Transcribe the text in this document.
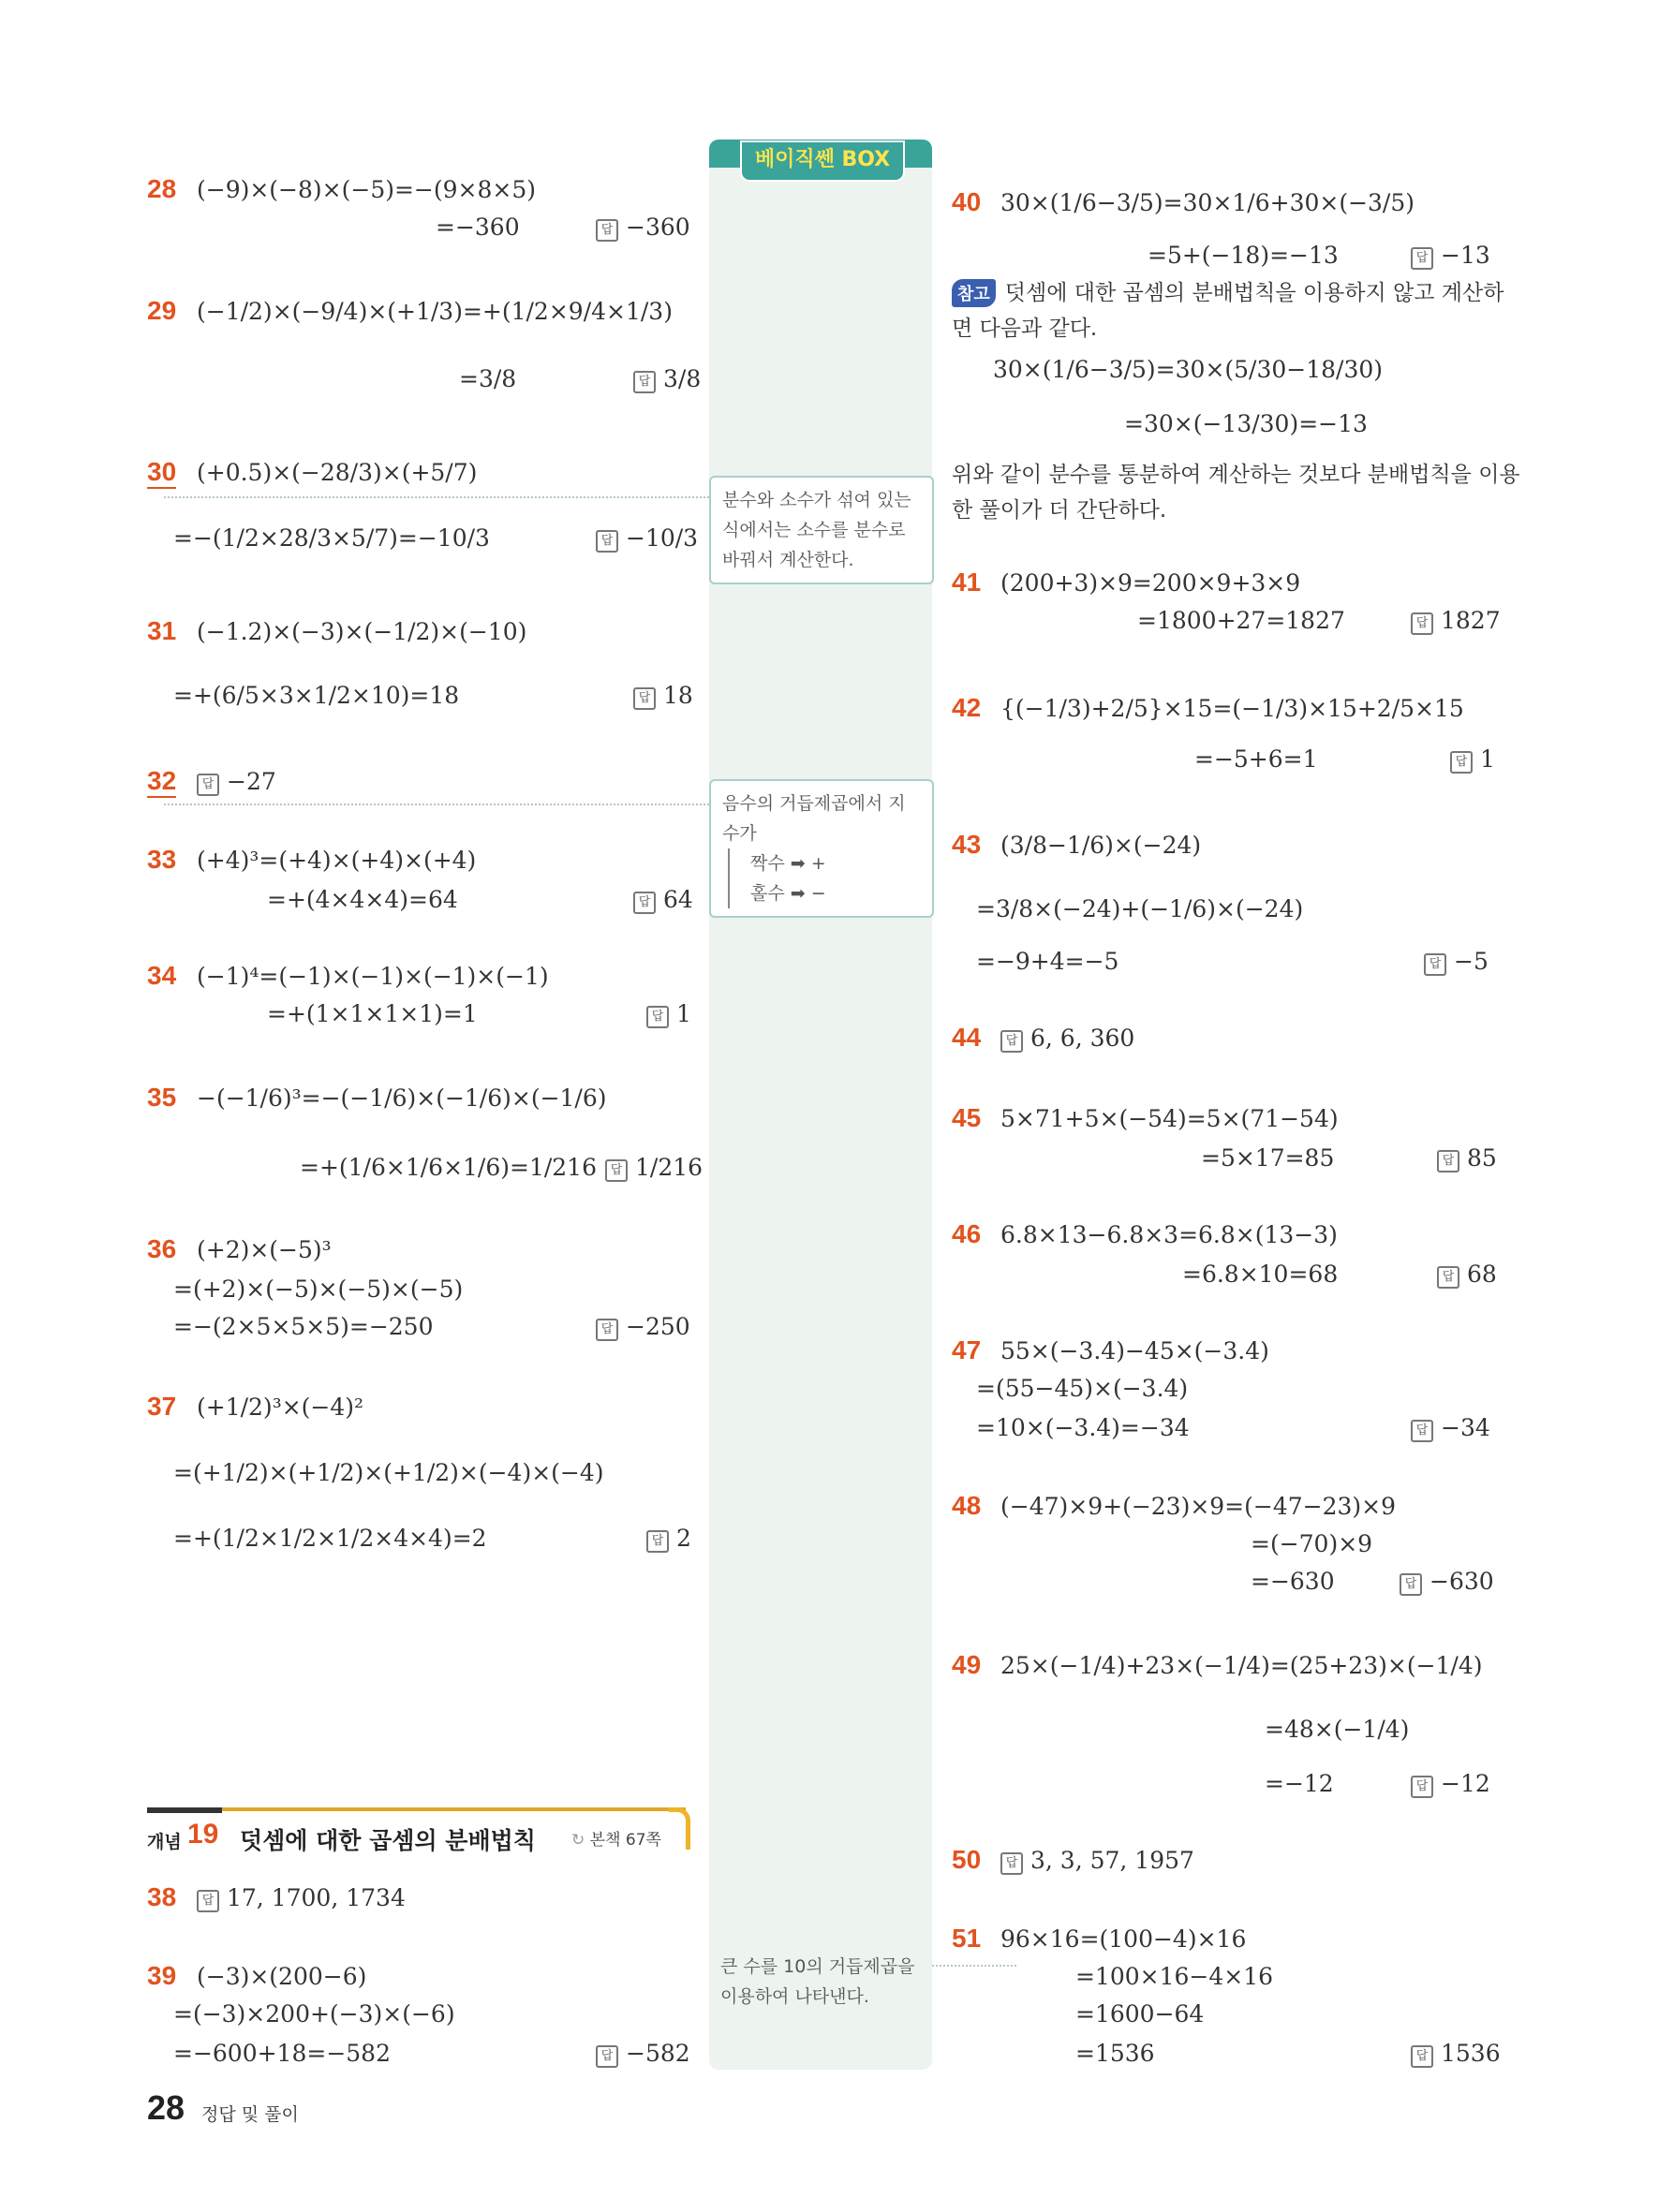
베이직쎈 BOX
분수와 소수가 섞여 있는 식에서는 소수를 분수로 바꿔서 계산한다.
음수의 거듭제곱에서 지수가
짝수 ➡ +
홀수 ➡ −
큰 수를 10의 거듭제곱을 이용하여 나타낸다.
28 (−9)×(−8)×(−5)=−(9×8×5)
=−360	답 −360
29 (−1/2)×(−9/4)×(+1/3)=+(1/2×9/4×1/3)
=3/8	답 3/8
30 (+0.5)×(−28/3)×(+5/7)
=−(1/2×28/3×5/7)=−10/3	답 −10/3
31 (−1.2)×(−3)×(−1/2)×(−10)
=+(6/5×3×1/2×10)=18	답 18
32	답 −27
33 (+4)³=(+4)×(+4)×(+4)
=+(4×4×4)=64	답 64
34 (−1)⁴=(−1)×(−1)×(−1)×(−1)
=+(1×1×1×1)=1	답 1
35 −(−1/6)³=−(−1/6)×(−1/6)×(−1/6)
=+(1/6×1/6×1/6)=1/216	답 1/216
36 (+2)×(−5)³
=(+2)×(−5)×(−5)×(−5)
=−(2×5×5×5)=−250	답 −250
37 (+1/2)³×(−4)²
=(+1/2)×(+1/2)×(+1/2)×(−4)×(−4)
=+(1/2×1/2×1/2×4×4)=2	답 2
개념 19 덧셈에 대한 곱셈의 분배법칙 ↻ 본책 67쪽
38	답 17, 1700, 1734
39 (−3)×(200−6)
=(−3)×200+(−3)×(−6)
=−600+18=−582	답 −582
40 30×(1/6−3/5)=30×1/6+30×(−3/5)
=5+(−18)=−13	답 −13
참고 덧셈에 대한 곱셈의 분배법칙을 이용하지 않고 계산하
면 다음과 같다.
30×(1/6−3/5)=30×(5/30−18/30)
=30×(−13/30)=−13
위와 같이 분수를 통분하여 계산하는 것보다 분배법칙을 이용
한 풀이가 더 간단하다.
41 (200+3)×9=200×9+3×9
=1800+27=1827	답 1827
42 {(−1/3)+2/5}×15=(−1/3)×15+2/5×15
=−5+6=1	답 1
43 (3/8−1/6)×(−24)
=3/8×(−24)+(−1/6)×(−24)
=−9+4=−5	답 −5
44	답 6, 6, 360
45 5×71+5×(−54)=5×(71−54)
=5×17=85	답 85
46 6.8×13−6.8×3=6.8×(13−3)
=6.8×10=68	답 68
47 55×(−3.4)−45×(−3.4)
=(55−45)×(−3.4)
=10×(−3.4)=−34	답 −34
48 (−47)×9+(−23)×9=(−47−23)×9
=(−70)×9
=−630	답 −630
49 25×(−1/4)+23×(−1/4)=(25+23)×(−1/4)
=48×(−1/4)
=−12	답 −12
50	답 3, 3, 57, 1957
51 96×16=(100−4)×16
=100×16−4×16
=1600−64
=1536	답 1536
28 정답 및 풀이
